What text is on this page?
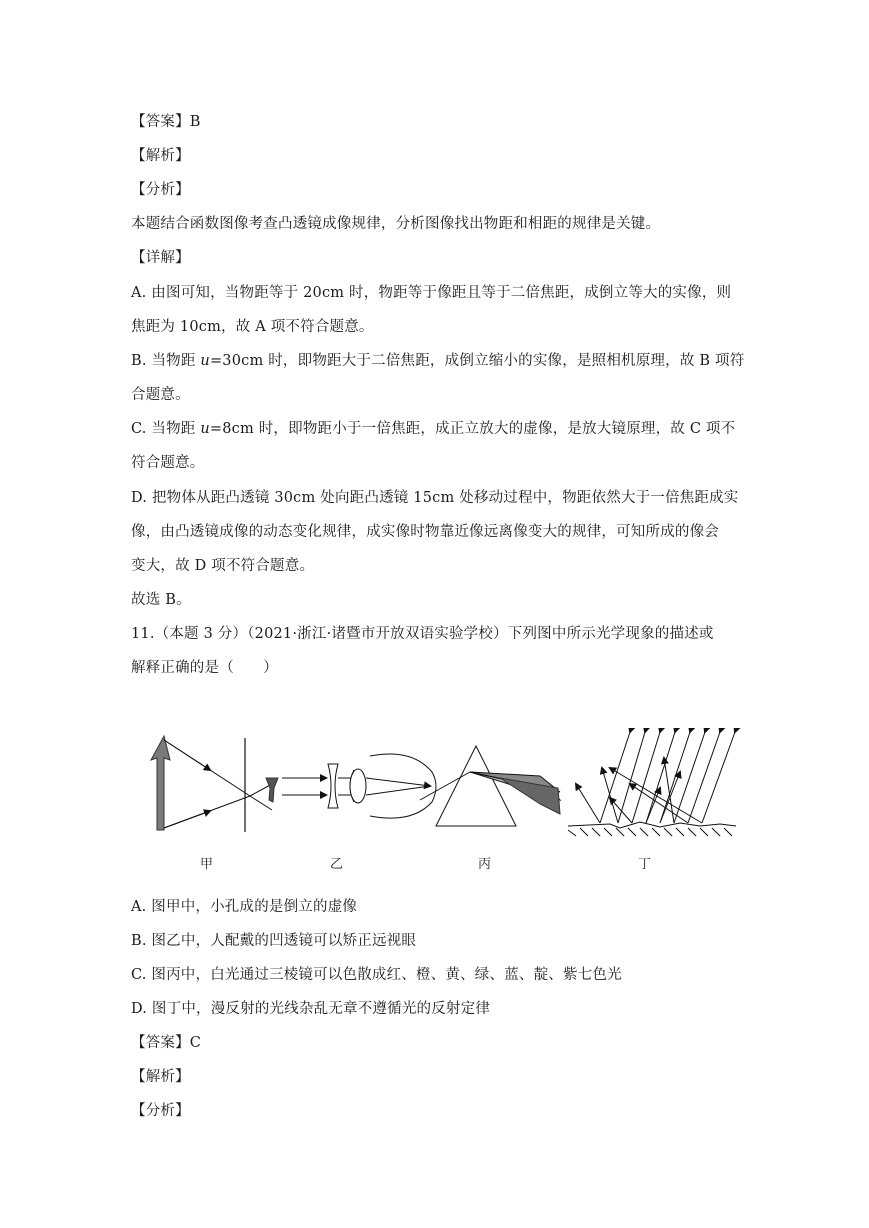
【答案】B
【解析】
【分析】
本题结合函数图像考查凸透镜成像规律，分析图像找出物距和相距的规律是关键。
【详解】
A. 由图可知，当物距等于 20cm 时，物距等于像距且等于二倍焦距，成倒立等大的实像，则
焦距为 10cm，故 A 项不符合题意。
B. 当物距 u=30cm 时，即物距大于二倍焦距，成倒立缩小的实像，是照相机原理，故 B 项符
合题意。
C. 当物距 u=8cm 时，即物距小于一倍焦距，成正立放大的虚像，是放大镜原理，故 C 项不
符合题意。
D. 把物体从距凸透镜 30cm 处向距凸透镜 15cm 处移动过程中，物距依然大于一倍焦距成实
像，由凸透镜成像的动态变化规律，成实像时物靠近像远离像变大的规律，可知所成的像会
变大，故 D 项不符合题意。
故选 B。
11.（本题 3 分）（2021·浙江·诸暨市开放双语实验学校）下列图中所示光学现象的描述或
解释正确的是（　　）
甲	乙	丙	丁
A. 图甲中，小孔成的是倒立的虚像
B. 图乙中，人配戴的凹透镜可以矫正远视眼
C. 图丙中，白光通过三棱镜可以色散成红、橙、黄、绿、蓝、靛、紫七色光
D. 图丁中，漫反射的光线杂乱无章不遵循光的反射定律
【答案】C
【解析】
【分析】
